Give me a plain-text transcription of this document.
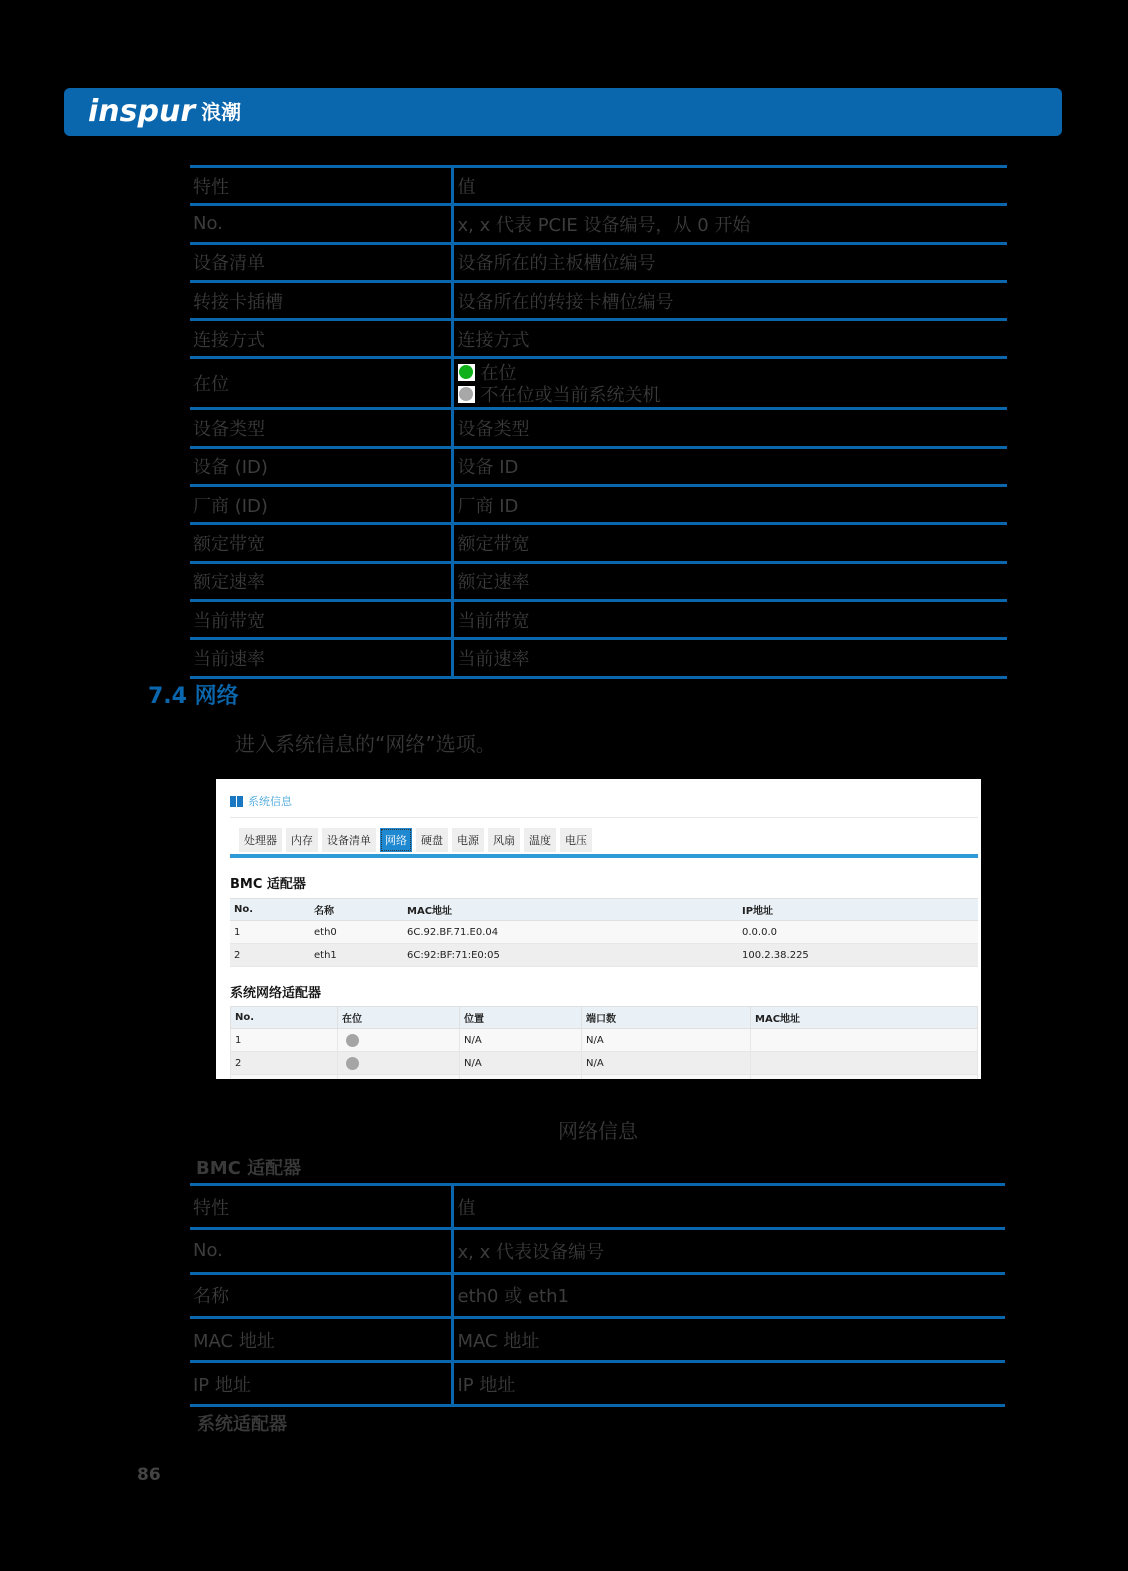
inspur 浪潮
特性	值
No.	x, x 代表 PCIE 设备编号，从 0 开始
设备清单	设备所在的主板槽位编号
转接卡插槽	设备所在的转接卡槽位编号
连接方式	连接方式
在位	在位
不在位或当前系统关机

设备类型	设备类型
设备 (ID)	设备 ID
厂商 (ID)	厂商 ID
额定带宽	额定带宽
额定速率	额定速率
当前带宽	当前带宽
当前速率	当前速率
7.4 网络
进入系统信息的“网络”选项。
系统信息
处理器	内存	设备清单	网络	硬盘	电源	风扇	温度	电压
BMC 适配器
No.	名称	MAC地址	IP地址
1	eth0	6C.92.BF.71.E0.04	0.0.0.0
2	eth1	6C:92:BF:71:E0:05	100.2.38.225
系统网络适配器
No.	在位	位置	端口数	MAC地址
1		N/A	N/A	
2		N/A	N/A	

网络信息
BMC 适配器
特性	值
No.	x, x 代表设备编号
名称	eth0 或 eth1
MAC 地址	MAC 地址
IP 地址	IP 地址
系统适配器
86
